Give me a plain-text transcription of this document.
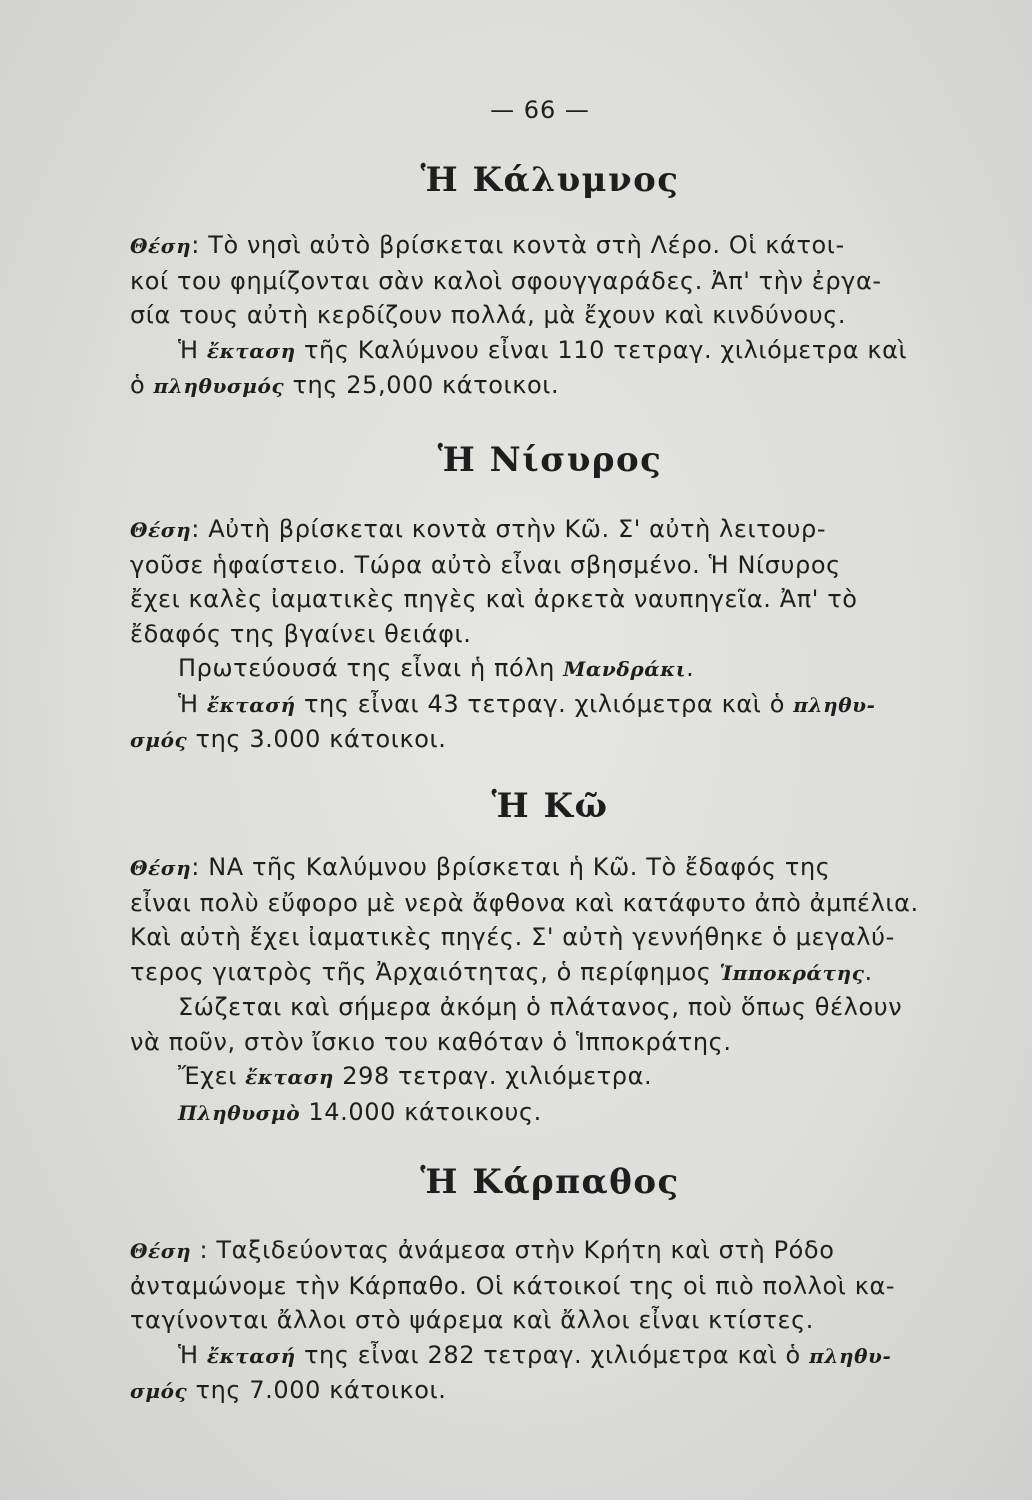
— 66 —
Ἡ Κάλυμνος
Θέση: Τὸ νησὶ αὐτὸ βρίσκεται κοντὰ στὴ Λέρο. Οἱ κάτοι-
κοί του φημίζονται σὰν καλοὶ σφουγγαράδες. Ἀπ' τὴν ἐργα-
σία τους αὐτὴ κερδίζουν πολλά, μὰ ἔχουν καὶ κινδύνους.
Ἡ ἔκταση τῆς Καλύμνου εἶναι 110 τετραγ. χιλιόμετρα καὶ
ὁ πληθυσμός της 25,000 κάτοικοι.
Ἡ Νίσυρος
Θέση: Αὐτὴ βρίσκεται κοντὰ στὴν Κῶ. Σ' αὐτὴ λειτουρ-
γοῦσε ἡφαίστειο. Τώρα αὐτὸ εἶναι σβησμένο. Ἡ Νίσυρος
ἔχει καλὲς ἰαματικὲς πηγὲς καὶ ἀρκετὰ ναυπηγεῖα. Ἀπ' τὸ
ἔδαφός της βγαίνει θειάφι.
Πρωτεύουσά της εἶναι ἡ πόλη Μανδράκι.
Ἡ ἔκτασή της εἶναι 43 τετραγ. χιλιόμετρα καὶ ὁ πληθυ-
σμός της 3.000 κάτοικοι.
Ἡ Κῶ
Θέση: ΝΑ τῆς Καλύμνου βρίσκεται ἡ Κῶ. Τὸ ἔδαφός της
εἶναι πολὺ εὔφορο μὲ νερὰ ἄφθονα καὶ κατάφυτο ἀπὸ ἀμπέλια.
Καὶ αὐτὴ ἔχει ἰαματικὲς πηγές. Σ' αὐτὴ γεννήθηκε ὁ μεγαλύ-
τερος γιατρὸς τῆς Ἀρχαιότητας, ὁ περίφημος Ἱπποκράτης.
Σώζεται καὶ σήμερα ἀκόμη ὁ πλάτανος, ποὺ ὅπως θέλουν
νὰ ποῦν, στὸν ἴσκιο του καθόταν ὁ Ἱπποκράτης.
Ἔχει ἔκταση 298 τετραγ. χιλιόμετρα.
Πληθυσμὸ 14.000 κάτοικους.
Ἡ Κάρπαθος
Θέση : Ταξιδεύοντας ἀνάμεσα στὴν Κρήτη καὶ στὴ Ρόδο
ἀνταμώνομε τὴν Κάρπαθο. Οἱ κάτοικοί της οἱ πιὸ πολλοὶ κα-
ταγίνονται ἄλλοι στὸ ψάρεμα καὶ ἄλλοι εἶναι κτίστες.
Ἡ ἔκτασή της εἶναι 282 τετραγ. χιλιόμετρα καὶ ὁ πληθυ-
σμός της 7.000 κάτοικοι.
